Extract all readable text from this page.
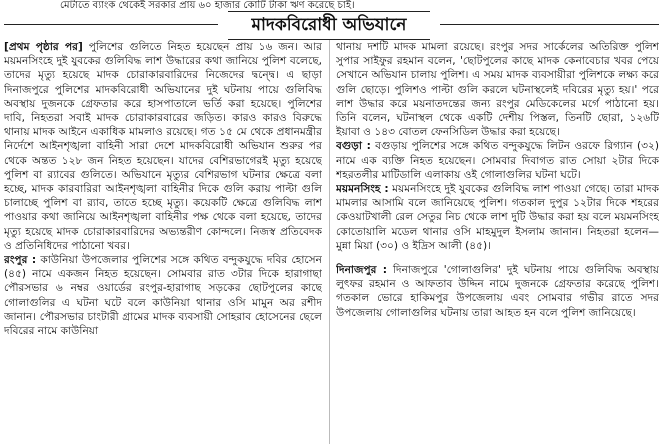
মেটাতে ব্যাংক থেকেই সরকার প্রায় ৬০ হাজার কোটি টাকা ঋণ করেছে চাই।
মাদকবিরোধী অভিযানে

[প্রথম পৃষ্ঠার পর] পুলিশের গুলিতে নিহত হয়েছেন প্রায় ১৬ জন। আর ময়মনসিংহে দুই যুবকের গুলিবিদ্ধ লাশ উদ্ধারের কথা জানিয়ে পুলিশ বলেছে, তাদের মৃত্যু হয়েছে মাদক চোরাকারবারিদের নিজেদের দ্বন্দ্বে। এ ছাড়া দিনাজপুরে পুলিশের মাদকবিরোধী অভিযানের দুই ঘটনায় পায়ে গুলিবিদ্ধ অবস্থায় দুজনকে গ্রেফতার করে হাসপাতালে ভর্তি করা হয়েছে। পুলিশের দাবি, নিহতরা সবাই মাদক চোরাকারবারের জড়িত। কারও কারও বিরুদ্ধে থানায় মাদক আইনে একাধিক মামলাও রয়েছে। গত ১৫ মে থেকে প্রধানমন্ত্রীর নির্দেশে আইনশৃঙ্খলা বাহিনী সারা দেশে মাদকবিরোধী অভিযান শুরুর পর থেকে অন্তত ১২৮ জন নিহত হয়েছেন। যাদের বেশিরভাগেরই মৃত্যু হয়েছে পুলিশ বা র‌্যাবের গুলিতে। অভিযানে মৃত্যুর বেশিরভাগ ঘটনার ক্ষেত্রে বলা হচ্ছে, মাদক কারবারিরা আইনশৃঙ্খলা বাহিনীর দিকে গুলি করায় পাল্টা গুলি চালাচ্ছে পুলিশ বা র‌্যাব, তাতে হচ্ছে মৃত্যু। কয়েকটি ক্ষেত্রে গুলিবিদ্ধ লাশ পাওয়ার কথা জানিয়ে আইনশৃঙ্খলা বাহিনীর পক্ষ থেকে বলা হয়েছে, তাদের মৃত্যু হয়েছে মাদক চোরাকারবারিদের অভ্যন্তরীণ কোন্দলে। নিজস্ব প্রতিবেদক ও প্রতিনিধিদের পাঠানো খবর।

রংপুর : কাউনিয়া উপজেলার পুলিশের সঙ্গে কথিত বন্দুকযুদ্ধে দবির হোসেন (৪৫) নামে একজন নিহত হয়েছেন। সোমবার রাত ৩টার দিকে হারাগাছা পৌরসভার ৬ নম্বর ওয়ার্ডের রংপুর-হারাগাছ সড়কের ছোটপুলের কাছে গোলাগুলির এ ঘটনা ঘটে বলে কাউনিয়া থানার ওসি মামুন অর রশীদ জানান। পৌরসভার চাংটারী গ্রামের মাদক ব্যবসায়ী সোহরাব হোসেনের ছেলে দবিরের নামে কাউনিয়া

থানায় দশটি মাদক মামলা রয়েছে। রংপুর সদর সার্কেলের অতিরিক্ত পুলিশ সুপার সাইফুর রহমান বলেন, 'ছোটপুলের কাছে মাদক কেনাবেচার খবর পেয়ে সেখানে অভিযান চালায় পুলিশ। এ সময় মাদক ব্যবসায়ীরা পুলিশকে লক্ষ্য করে গুলি ছোড়ে। পুলিশও পাল্টা গুলি করলে ঘটনাস্থলেই দবিরের মৃত্যু হয়।' পরে লাশ উদ্ধার করে ময়নাতদন্তের জন্য রংপুর মেডিকেলের মর্গে পাঠানো হয়। তিনি বলেন, ঘটনাস্থল থেকে একটি দেশীয় পিস্তল, তিনটি ছোরা, ১২৬টি ইয়াবা ও ১৪৩ বোতল ফেনসিডিল উদ্ধার করা হয়েছে।

বগুড়া : বগুড়ায় পুলিশের সঙ্গে কথিত বন্দুকযুদ্ধে লিটন ওরফে রিগ্যান (৩২) নামে এক ব্যক্তি নিহত হয়েছেন। সোমবার দিবাগত রাত সোয়া ২টার দিকে শহরতলীর মাটিডালি এলাকায় ওই গোলাগুলির ঘটনা ঘটে।

ময়মনসিংহ : ময়মনসিংহে দুই যুবকের গুলিবিদ্ধ লাশ পাওয়া গেছে। তারা মাদক মামলার আসামি বলে জানিয়েছে পুলিশ। গতকাল দুপুর ১২টার দিকে শহরের কেওয়াটখালী রেল সেতুর নিচ থেকে লাশ দুটি উদ্ধার করা হয় বলে ময়মনসিংহ কোতোয়ালি মডেল থানার ওসি মাহমুদুল ইসলাম জানান। নিহতরা হলেন— মুন্না মিয়া (৩০) ও ইদ্রিস আলী (৪৫)।

দিনাজপুর : দিনাজপুরে 'গোলাগুলির' দুই ঘটনায় পায়ে গুলিবিদ্ধ অবস্থায় লুৎফর রহমান ও আফতাব উদ্দিন নামে দুজনকে গ্রেফতার করেছে পুলিশ। গতকাল ভোরে হাকিমপুর উপজেলায় এবং সোমবার গভীর রাতে সদর উপজেলায় গোলাগুলির ঘটনায় তারা আহত হন বলে পুলিশ জানিয়েছে।
